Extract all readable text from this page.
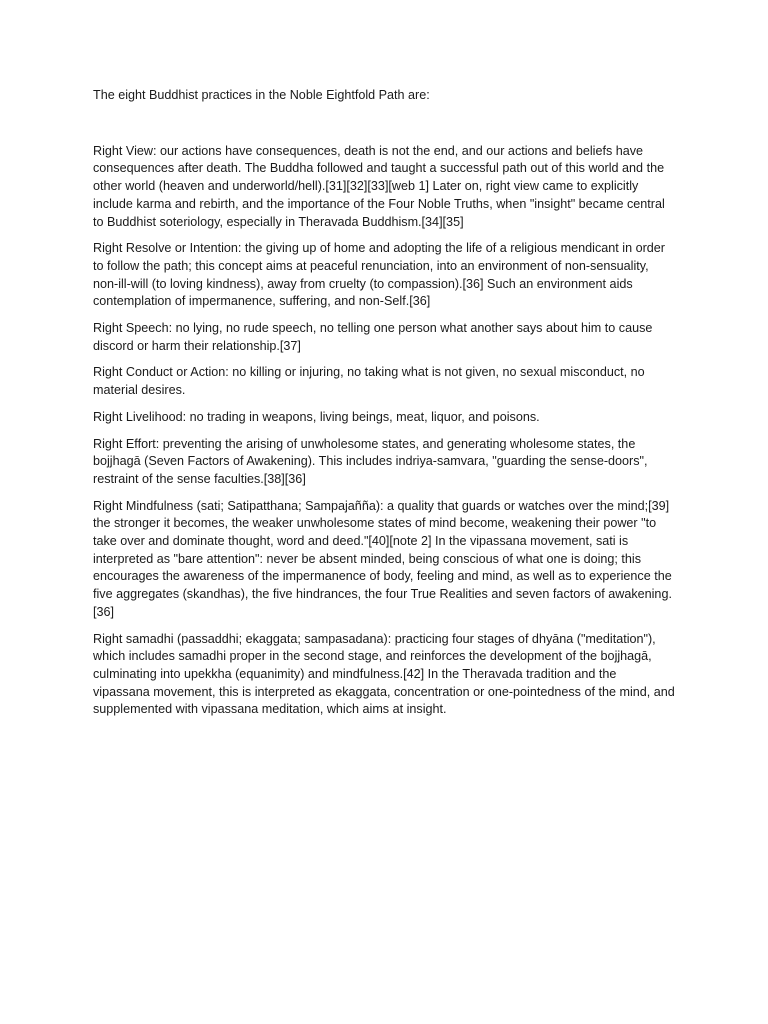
The eight Buddhist practices in the Noble Eightfold Path are:

Right View: our actions have consequences, death is not the end, and our actions and beliefs have consequences after death. The Buddha followed and taught a successful path out of this world and the other world (heaven and underworld/hell).[31][32][33][web 1] Later on, right view came to explicitly include karma and rebirth, and the importance of the Four Noble Truths, when "insight" became central to Buddhist soteriology, especially in Theravada Buddhism.[34][35]

Right Resolve or Intention: the giving up of home and adopting the life of a religious mendicant in order to follow the path; this concept aims at peaceful renunciation, into an environment of non-sensuality, non-ill-will (to loving kindness), away from cruelty (to compassion).[36] Such an environment aids contemplation of impermanence, suffering, and non-Self.[36]

Right Speech: no lying, no rude speech, no telling one person what another says about him to cause discord or harm their relationship.[37]

Right Conduct or Action: no killing or injuring, no taking what is not given, no sexual misconduct, no material desires.

Right Livelihood: no trading in weapons, living beings, meat, liquor, and poisons.

Right Effort: preventing the arising of unwholesome states, and generating wholesome states, the bojjhagā (Seven Factors of Awakening). This includes indriya-samvara, "guarding the sense-doors", restraint of the sense faculties.[38][36]

Right Mindfulness (sati; Satipatthana; Sampajañña): a quality that guards or watches over the mind;[39] the stronger it becomes, the weaker unwholesome states of mind become, weakening their power "to take over and dominate thought, word and deed."[40][note 2] In the vipassana movement, sati is interpreted as "bare attention": never be absent minded, being conscious of what one is doing; this encourages the awareness of the impermanence of body, feeling and mind, as well as to experience the five aggregates (skandhas), the five hindrances, the four True Realities and seven factors of awakening.[36]

Right samadhi (passaddhi; ekaggata; sampasadana): practicing four stages of dhyāna ("meditation"), which includes samadhi proper in the second stage, and reinforces the development of the bojjhagā, culminating into upekkha (equanimity) and mindfulness.[42] In the Theravada tradition and the vipassana movement, this is interpreted as ekaggata, concentration or one-pointedness of the mind, and supplemented with vipassana meditation, which aims at insight.
